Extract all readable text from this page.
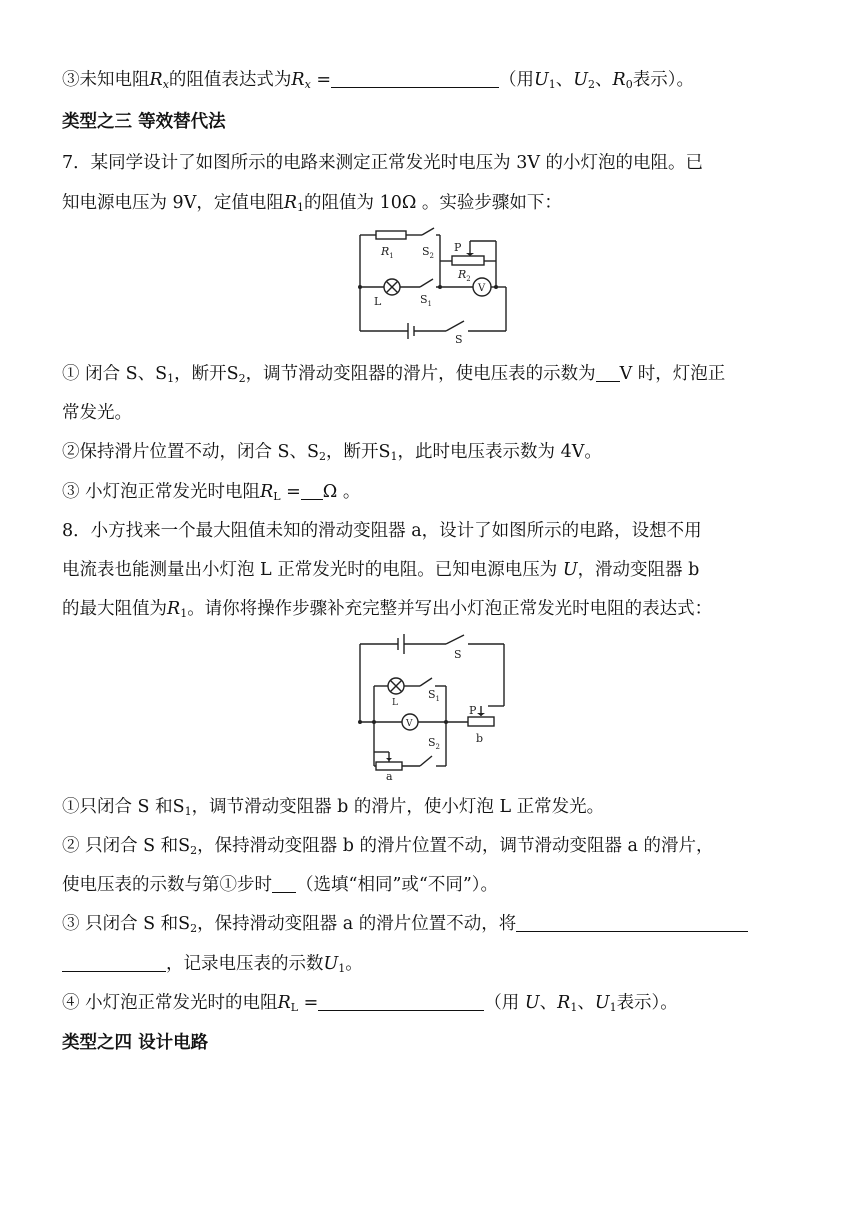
③未知电阻$R_x$的阻值表达式为$R_x$ =	（用$U_1$、$U_2$、$R_0$表示）。
类型之三 等效替代法
7．某同学设计了如图所示的电路来测定正常发光时电压为 3V 的小灯泡的电阻。已
知电源电压为 9V，定值电阻$R_1$的阻值为 10Ω 。实验步骤如下：
$R_1$	$S_2$
P
$R_2$
V
L	$S_1$
S
① 闭合 S、$S_1$，断开$S_2$，调节滑动变阻器的滑片，使电压表的示数为 V 时，灯泡正
常发光。
②保持滑片位置不动，闭合 S、$S_2$，断开$S_1$，此时电压表示数为 4V。
③ 小灯泡正常发光时电阻$R_L = \Omega$ 。
8．小方找来一个最大阻值未知的滑动变阻器 a，设计了如图所示的电路，设想不用
电流表也能测量出小灯泡 L 正常发光时的电阻。已知电源电压为 U，滑动变阻器 b
的最大阻值为$R_1$。请你将操作步骤补充完整并写出小灯泡正常发光时电阻的表达式：
S
L
$S_1$
V
P
b
$S_2$
a
①只闭合 S 和$S_1$，调节滑动变阻器 b 的滑片，使小灯泡 L 正常发光。
② 只闭合 S 和$S_2$，保持滑动变阻器 b 的滑片位置不动，调节滑动变阻器 a 的滑片，
使电压表的示数与第①步时 （选填“相同”或“不同”）。
③ 只闭合 S 和$S_2$，保持滑动变阻器 a 的滑片位置不动，将
，记录电压表的示数$U_1$。
④ 小灯泡正常发光时的电阻$R_L$ =	（用 U、$R_1$、$U_1$表示）。
类型之四 设计电路
